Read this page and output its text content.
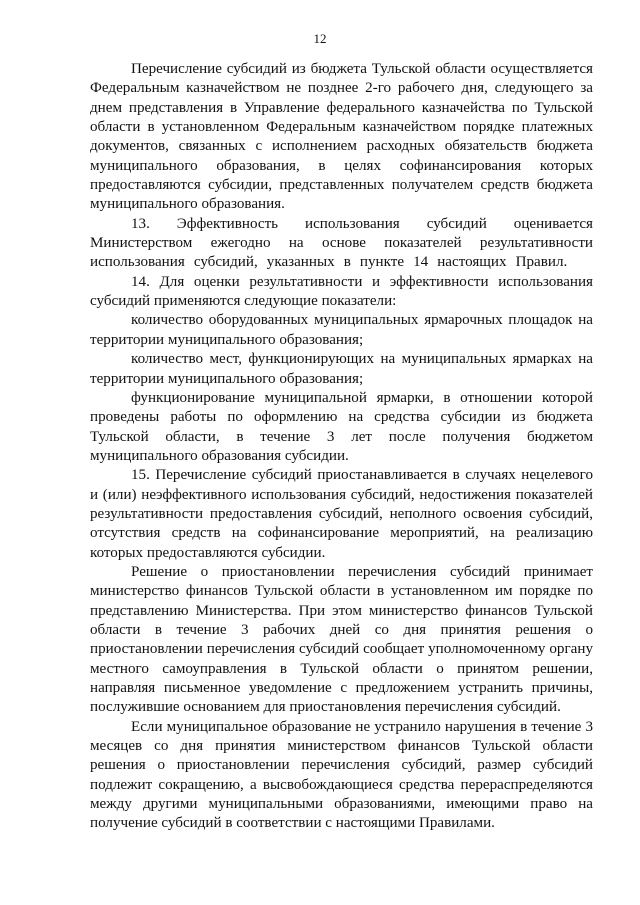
12

Перечисление субсидий из бюджета Тульской области осуществляется Федеральным казначейством не позднее 2-го рабочего дня, следующего за днем представления в Управление федерального казначейства по Тульской области в установленном Федеральным казначейством порядке платежных документов, связанных с исполнением расходных обязательств бюджета муниципального образования, в целях софинансирования которых предоставляются субсидии, представленных получателем средств бюджета муниципального образования.

13. Эффективность использования субсидий оценивается Министерством ежегодно на основе показателей результативности использования субсидий, указанных в пункте 14 настоящих Правил.

14. Для оценки результативности и эффективности использования субсидий применяются следующие показатели:

количество оборудованных муниципальных ярмарочных площадок на территории муниципального образования;

количество мест, функционирующих на муниципальных ярмарках на территории муниципального образования;

функционирование муниципальной ярмарки, в отношении которой проведены работы по оформлению на средства субсидии из бюджета Тульской области, в течение 3 лет после получения бюджетом муниципального образования субсидии.

15. Перечисление субсидий приостанавливается в случаях нецелевого и (или) неэффективного использования субсидий, недостижения показателей результативности предоставления субсидий, неполного освоения субсидий, отсутствия средств на софинансирование мероприятий, на реализацию которых предоставляются субсидии.

Решение о приостановлении перечисления субсидий принимает министерство финансов Тульской области в установленном им порядке по представлению Министерства. При этом министерство финансов Тульской области в течение 3 рабочих дней со дня принятия решения о приостановлении перечисления субсидий сообщает уполномоченному органу местного самоуправления в Тульской области о принятом решении, направляя письменное уведомление с предложением устранить причины, послужившие основанием для приостановления перечисления субсидий.

Если муниципальное образование не устранило нарушения в течение 3 месяцев со дня принятия министерством финансов Тульской области решения о приостановлении перечисления субсидий, размер субсидий подлежит сокращению, а высвобождающиеся средства перераспределяются между другими муниципальными образованиями, имеющими право на получение субсидий в соответствии с настоящими Правилами.
